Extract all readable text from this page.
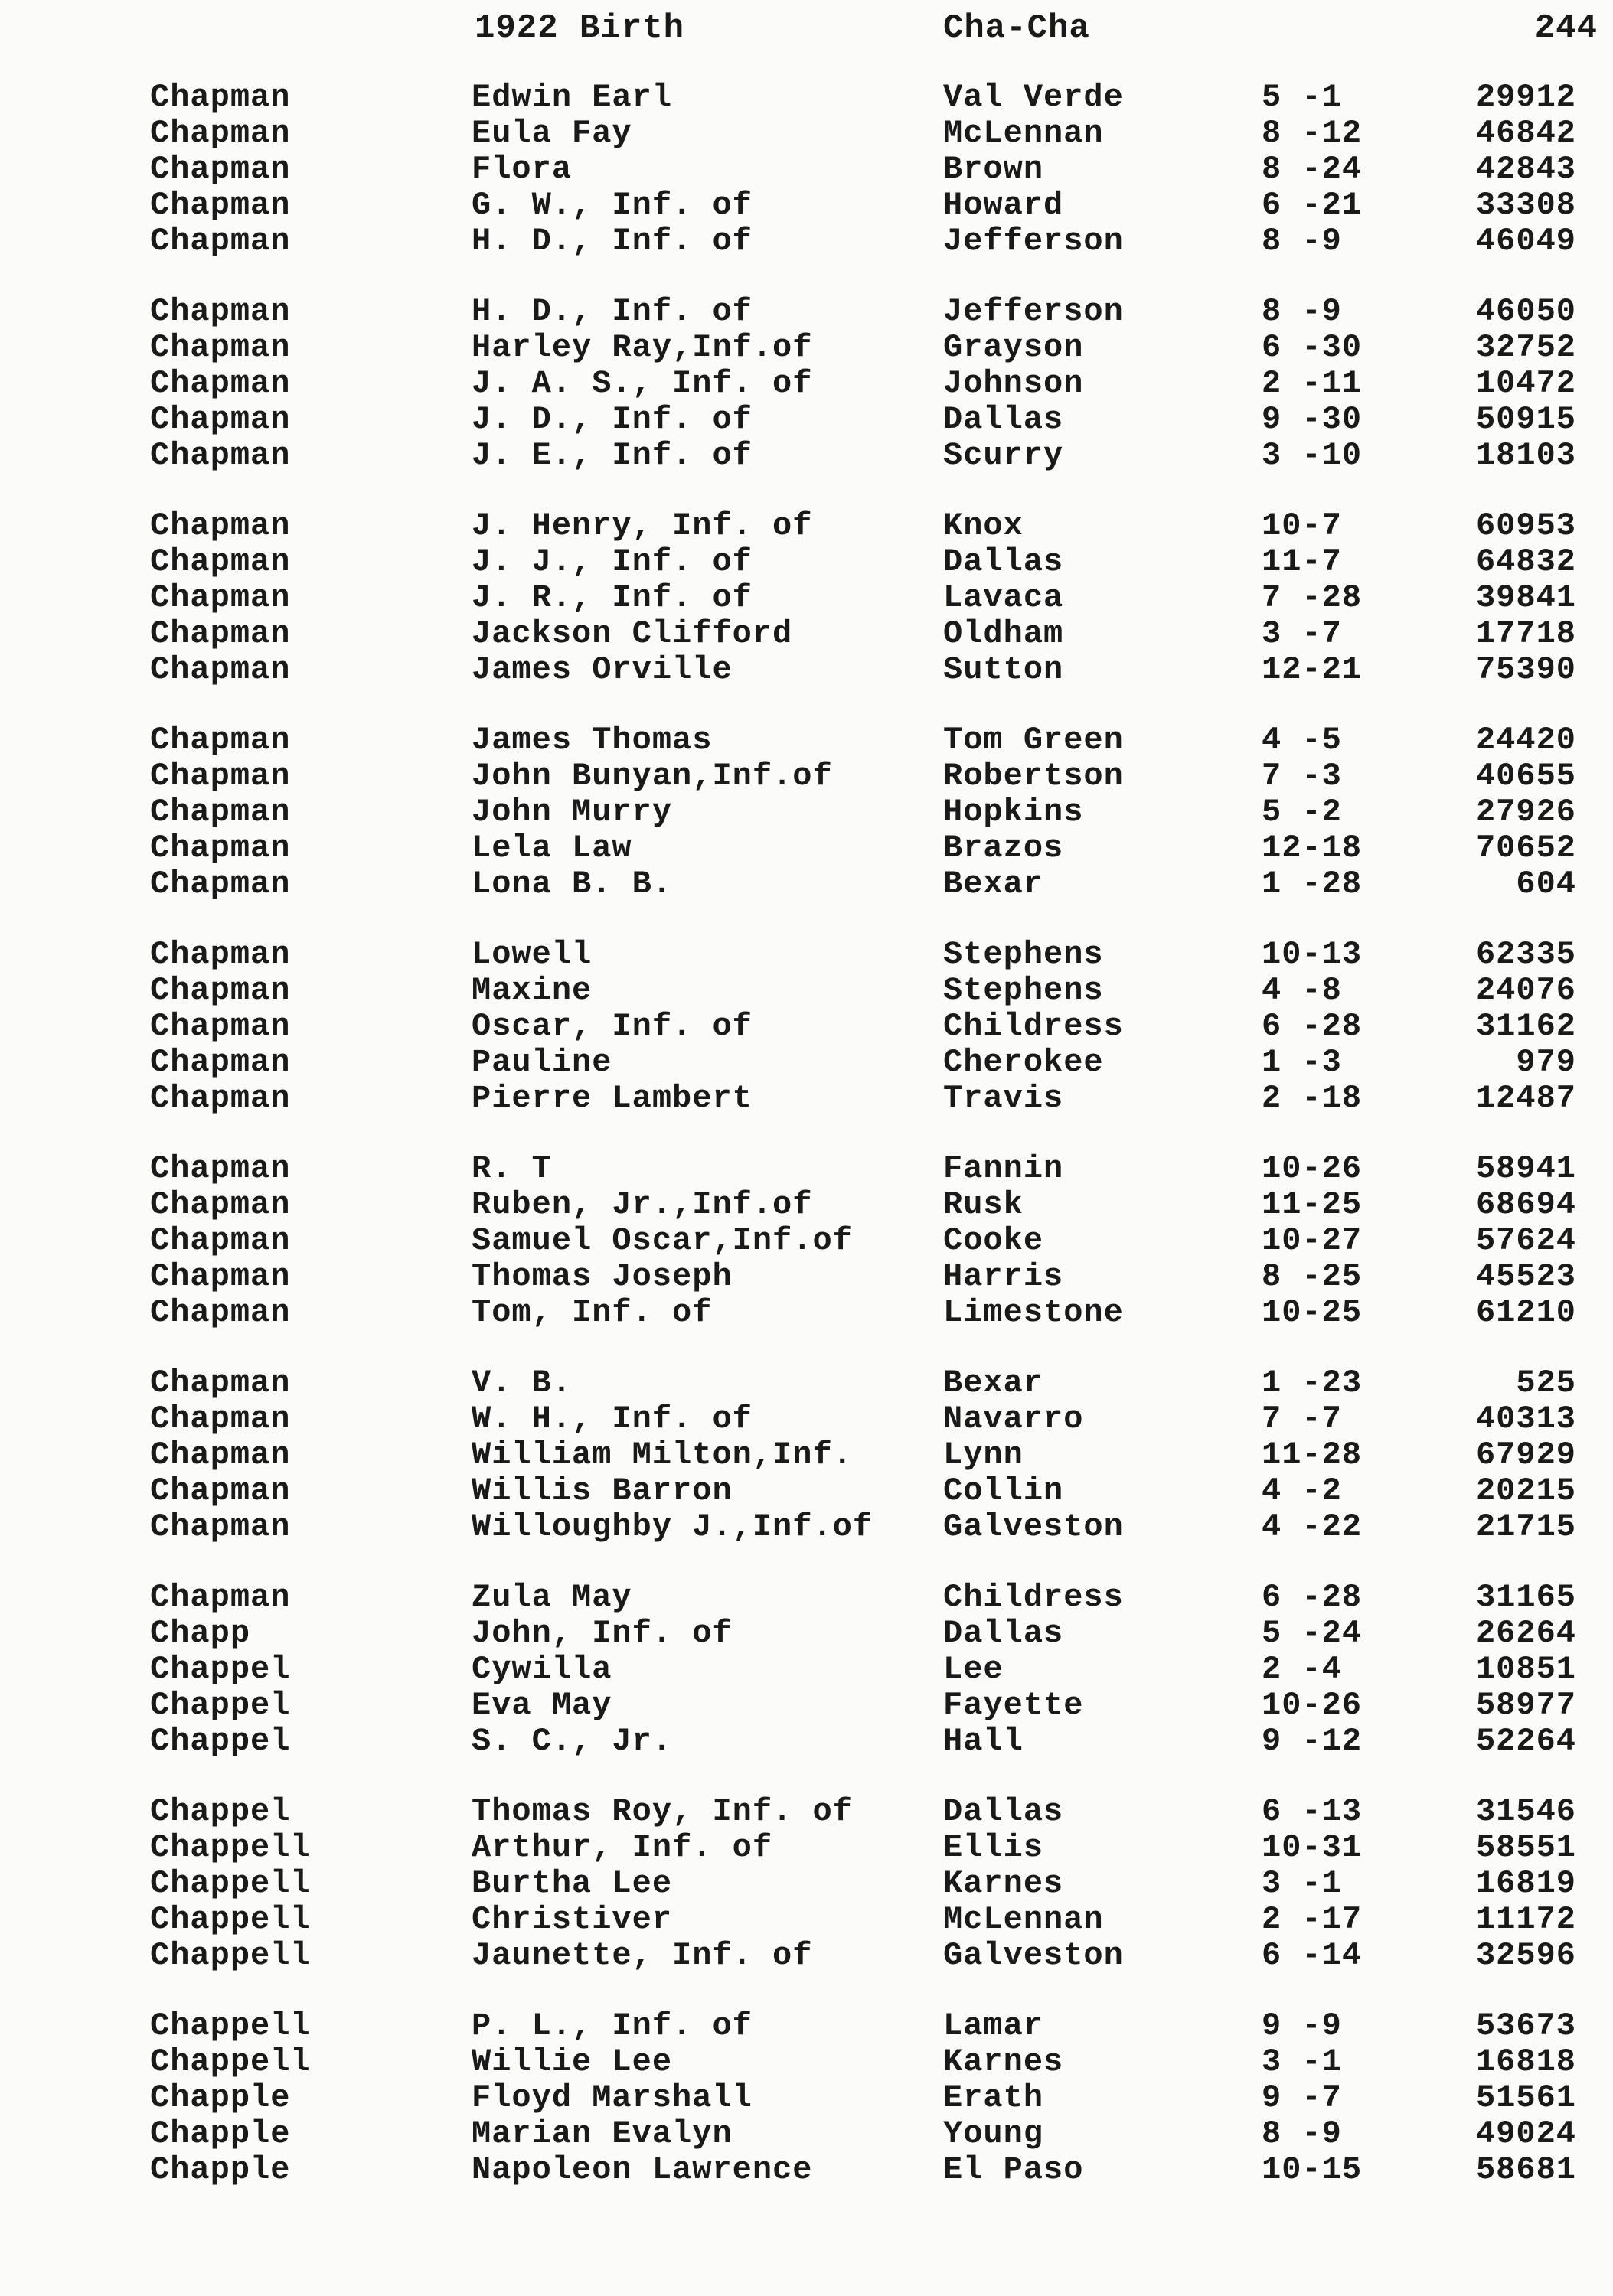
1922 Birth	Cha-Cha	244
Chapman	Edwin Earl	Val Verde	5 -1	29912
Chapman	Eula Fay	McLennan	8 -12	46842
Chapman	Flora	Brown	8 -24	42843
Chapman	G. W., Inf. of	Howard	6 -21	33308
Chapman	H. D., Inf. of	Jefferson	8 -9	46049
Chapman	H. D., Inf. of	Jefferson	8 -9	46050
Chapman	Harley Ray,Inf.of	Grayson	6 -30	32752
Chapman	J. A. S., Inf. of	Johnson	2 -11	10472
Chapman	J. D., Inf. of	Dallas	9 -30	50915
Chapman	J. E., Inf. of	Scurry	3 -10	18103
Chapman	J. Henry, Inf. of	Knox	10-7	60953
Chapman	J. J., Inf. of	Dallas	11-7	64832
Chapman	J. R., Inf. of	Lavaca	7 -28	39841
Chapman	Jackson Clifford	Oldham	3 -7	17718
Chapman	James Orville	Sutton	12-21	75390
Chapman	James Thomas	Tom Green	4 -5	24420
Chapman	John Bunyan,Inf.of	Robertson	7 -3	40655
Chapman	John Murry	Hopkins	5 -2	27926
Chapman	Lela Law	Brazos	12-18	70652
Chapman	Lona B. B.	Bexar	1 -28	604
Chapman	Lowell	Stephens	10-13	62335
Chapman	Maxine	Stephens	4 -8	24076
Chapman	Oscar, Inf. of	Childress	6 -28	31162
Chapman	Pauline	Cherokee	1 -3	979
Chapman	Pierre Lambert	Travis	2 -18	12487
Chapman	R. T	Fannin	10-26	58941
Chapman	Ruben, Jr.,Inf.of	Rusk	11-25	68694
Chapman	Samuel Oscar,Inf.of	Cooke	10-27	57624
Chapman	Thomas Joseph	Harris	8 -25	45523
Chapman	Tom, Inf. of	Limestone	10-25	61210
Chapman	V. B.	Bexar	1 -23	525
Chapman	W. H., Inf. of	Navarro	7 -7	40313
Chapman	William Milton,Inf.	Lynn	11-28	67929
Chapman	Willis Barron	Collin	4 -2	20215
Chapman	Willoughby J.,Inf.of Galveston	4 -22	21715
Chapman	Zula May	Childress	6 -28	31165
Chapp	John, Inf. of	Dallas	5 -24	26264
Chappel	Cywilla	Lee	2 -4	10851
Chappel	Eva May	Fayette	10-26	58977
Chappel	S. C., Jr.	Hall	9 -12	52264
Chappel	Thomas Roy, Inf. of	Dallas	6 -13	31546
Chappell	Arthur, Inf. of	Ellis	10-31	58551
Chappell	Burtha Lee	Karnes	3 -1	16819
Chappell	Christiver	McLennan	2 -17	11172
Chappell	Jaunette, Inf. of	Galveston	6 -14	32596
Chappell	P. L., Inf. of	Lamar	9 -9	53673
Chappell	Willie Lee	Karnes	3 -1	16818
Chapple	Floyd Marshall	Erath	9 -7	51561
Chapple	Marian Evalyn	Young	8 -9	49024
Chapple	Napoleon Lawrence	El Paso	10-15	58681
